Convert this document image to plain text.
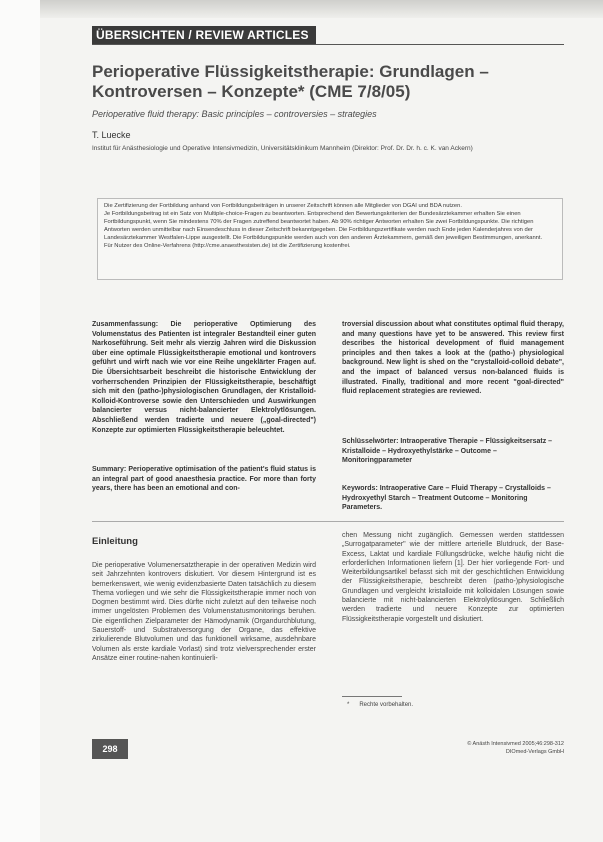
ÜBERSICHTEN / REVIEW ARTICLES
Perioperative Flüssigkeitstherapie: Grundlagen – Kontroversen – Konzepte* (CME 7/8/05)

Perioperative fluid therapy: Basic principles – controversies – strategies

T. Luecke
Institut für Anästhesiologie und Operative Intensivmedizin, Universitätsklinikum Mannheim (Direktor: Prof. Dr. Dr. h. c. K. van Ackern)

Die Zertifizierung der Fortbildung anhand von Fortbildungsbeiträgen in unserer Zeitschrift können alle Mitglieder von DGAI und BDA nutzen.

Je Fortbildungsbeitrag ist ein Satz von Multiple-choice-Fragen zu beantworten. Entsprechend den Bewertungskriterien der Bundesärztekammer erhalten Sie einen Fortbildungspunkt, wenn Sie mindestens 70% der Fragen zutreffend beantwortet haben. Ab 90% richtiger Antworten erhalten Sie zwei Fortbildungspunkte. Die richtigen Antworten werden unmittelbar nach Einsendeschluss in dieser Zeitschrift bekanntgegeben. Die Fortbildungszertifikate werden nach Ende jeden Kalenderjahres von der Landesärztekammer Westfalen-Lippe ausgestellt. Die Fortbildungspunkte werden auch von den anderen Ärztekammern, gemäß den jeweiligen Bestimmungen, anerkannt.

Für Nutzer des Online-Verfahrens (http://cme.anaesthesisten.de) ist die Zertifizierung kostenfrei.

Zusammenfassung: Die perioperative Optimierung des Volumenstatus des Patienten ist integraler Bestandteil einer guten Narkoseführung. Seit mehr als vierzig Jahren wird die Diskussion über eine optimale Flüssigkeitstherapie emotional und kontrovers geführt und wirft nach wie vor eine Reihe ungeklärter Fragen auf. Die Übersichtsarbeit beschreibt die historische Entwicklung der vorherrschenden Prinzipien der Flüssigkeitstherapie, beschäftigt sich mit den (patho-)physiologischen Grundlagen, der Kristalloid-Kolloid-Kontroverse sowie den Unterschieden und Auswirkungen balancierter versus nicht-balancierter Elektrolytlösungen. Abschließend werden tradierte und neuere („goal-directed") Konzepte zur optimierten Flüssigkeitstherapie beleuchtet.

Summary: Perioperative optimisation of the patient's fluid status is an integral part of good anaesthesia practice. For more than forty years, there has been an emotional and con-

troversial discussion about what constitutes optimal fluid therapy, and many questions have yet to be answered. This review first describes the historical development of fluid management principles and then takes a look at the (patho-) physiological background. New light is shed on the "crystalloid-colloid debate", and the impact of balanced versus non-balanced fluids is illustrated. Finally, traditional and more recent "goal-directed" fluid replacement strategies are reviewed.

Schlüsselwörter: Intraoperative Therapie – Flüssigkeitsersatz – Kristalloide – Hydroxyethylstärke – Outcome – Monitoringparameter

Keywords: Intraoperative Care – Fluid Therapy – Crystalloids – Hydroxyethyl Starch – Treatment Outcome – Monitoring Parameters.

Einleitung

Die perioperative Volumenersatztherapie in der operativen Medizin wird seit Jahrzehnten kontrovers diskutiert. Vor diesem Hintergrund ist es bemerkenswert, wie wenig evidenzbasierte Daten tatsächlich zu diesem Thema vorliegen und wie sehr die Flüssigkeitstherapie immer noch von Dogmen bestimmt wird. Dies dürfte nicht zuletzt auf den teilweise noch immer ungelösten Problemen des Volumenstatusmonitorings beruhen. Die eigentlichen Zielparameter der Hämodynamik (Organdurchblutung, Sauerstoff- und Substratversorgung der Organe, das effektive zirkulierende Blutvolumen und das funktionell wirksame, ausdehnbare Volumen als erste kardiale Vorlast) sind trotz vielversprechender erster Ansätze einer routine-nahen kontinuierli-

chen Messung nicht zugänglich. Gemessen werden stattdessen „Surrogatparameter" wie der mittlere arterielle Blutdruck, der Base-Excess, Laktat und kardiale Füllungsdrücke, welche häufig nicht die erforderlichen Informationen liefern [1]. Der hier vorliegende Fort- und Weiterbildungsartikel befasst sich mit der geschichtlichen Entwicklung der Flüssigkeitstherapie, beschreibt deren (patho-)physiologische Grundlagen und vergleicht kristalloide mit kolloidalen Lösungen sowie balancierte mit nicht-balancierten Elektrolytlösungen. Schließlich werden tradierte und neuere Konzepte zur optimierten Flüssigkeitstherapie vorgestellt und diskutiert.

* Rechte vorbehalten.
298	© Anästh Intensivmed 2005;46:298-312
DIOmed-Verlags GmbH
